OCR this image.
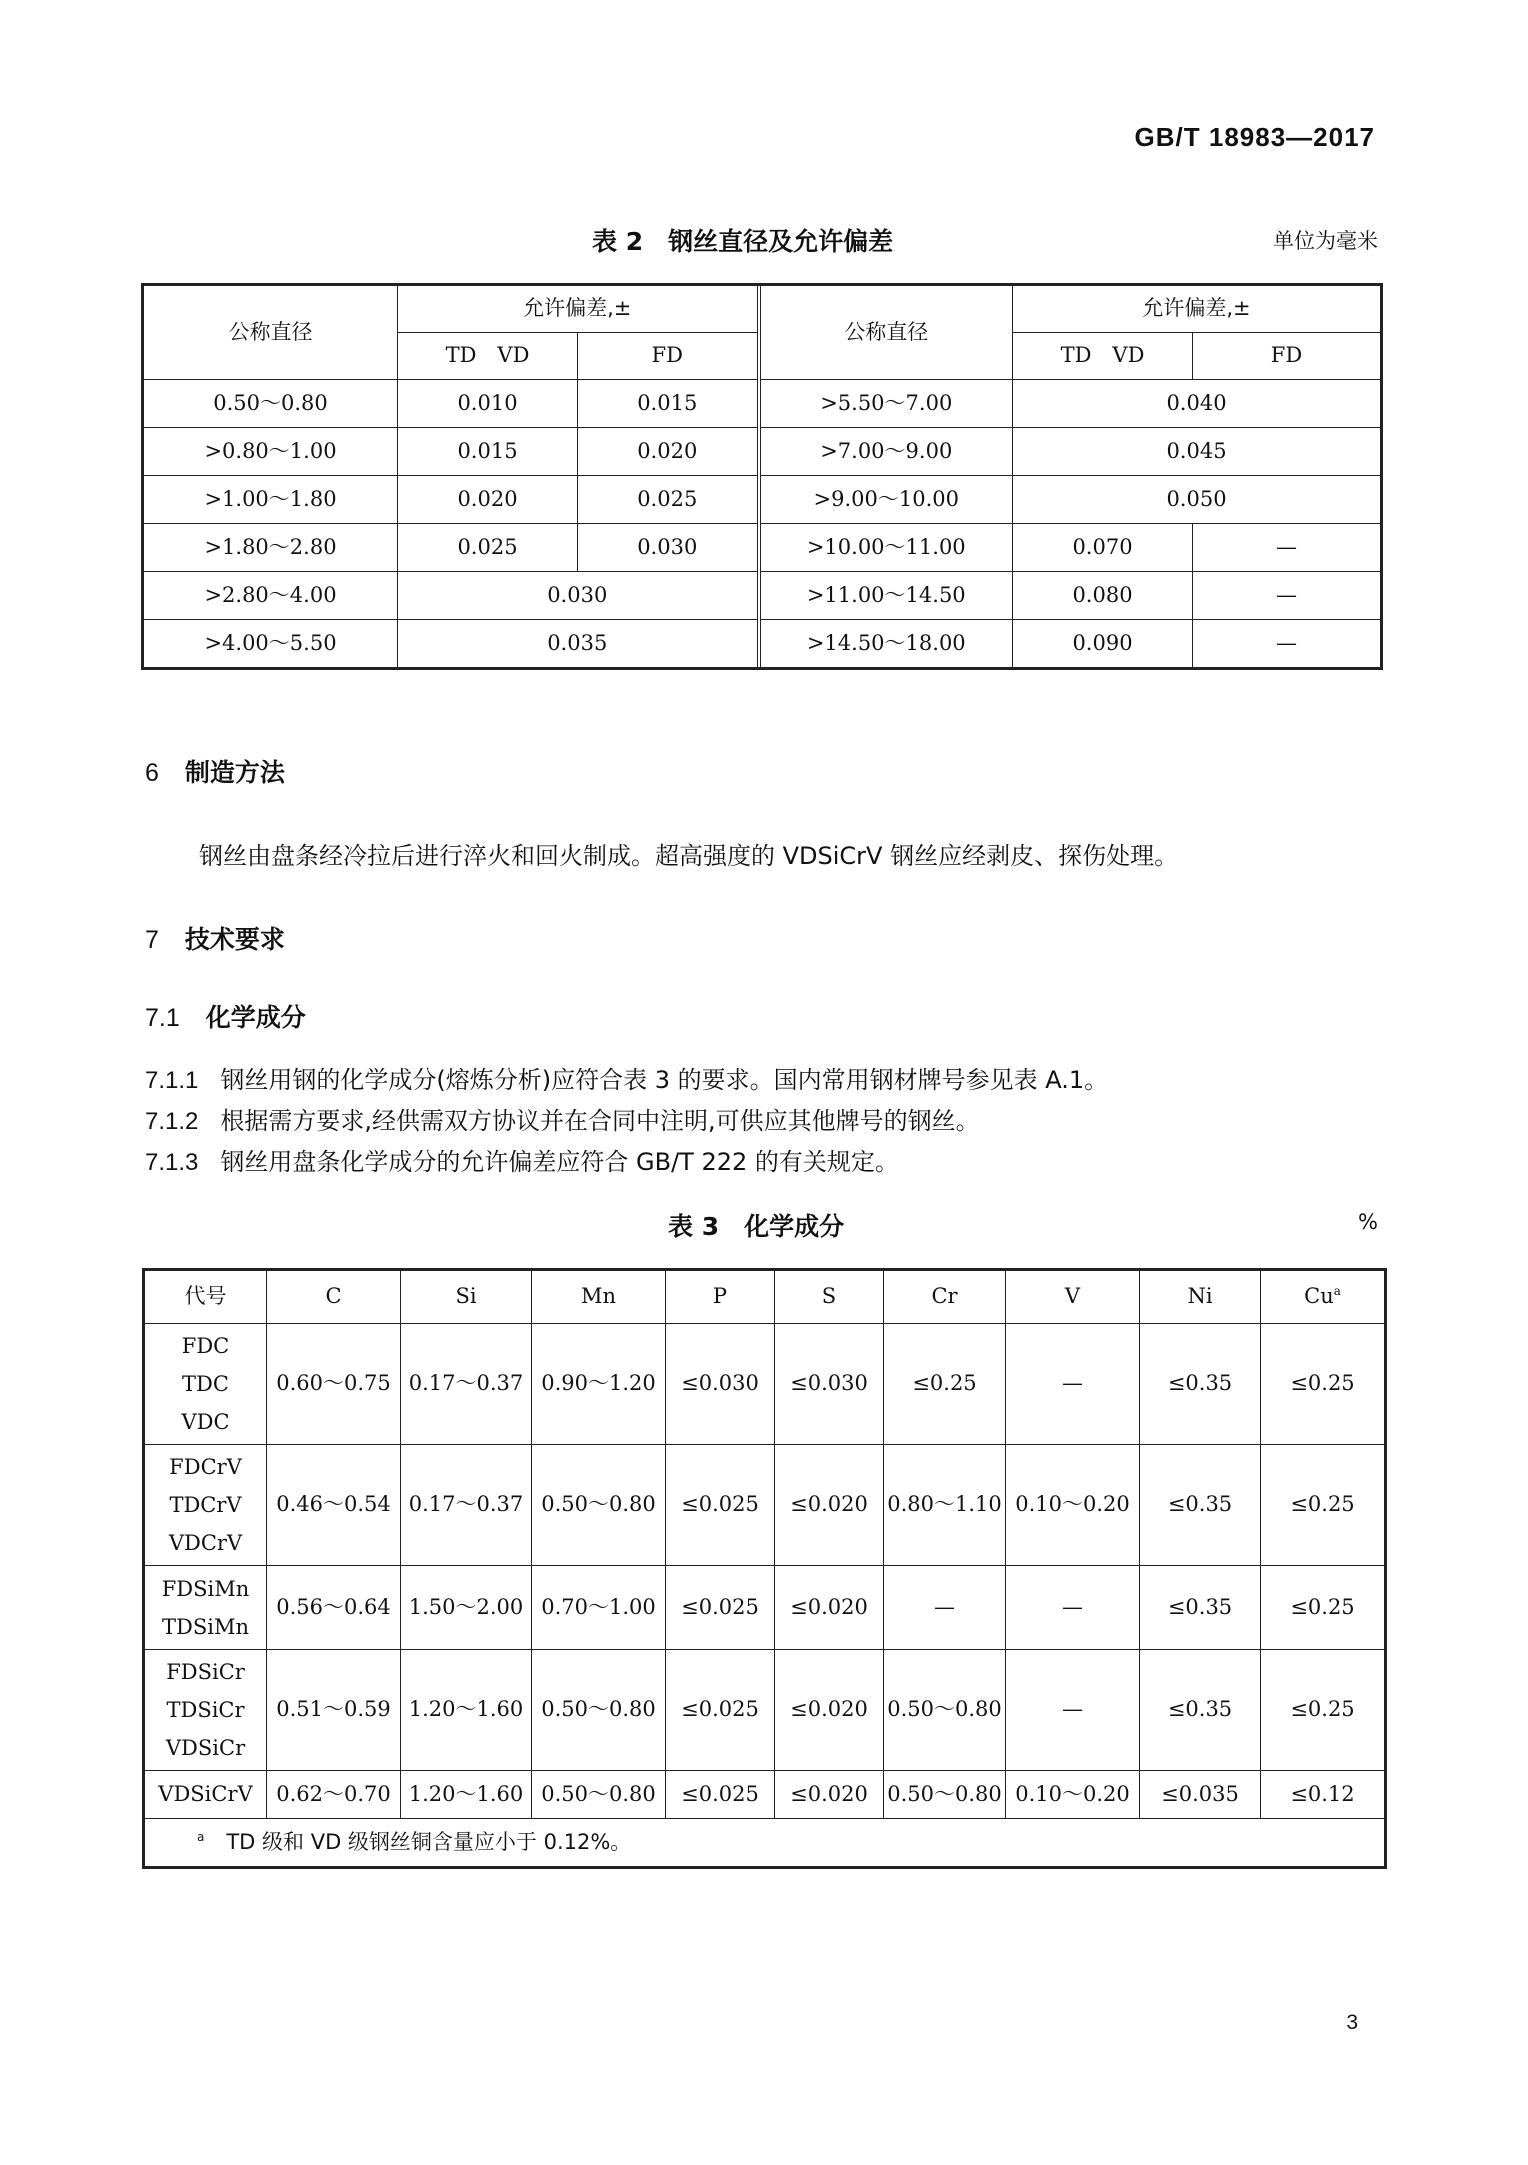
GB/T 18983—2017
表 2　钢丝直径及允许偏差	单位为毫米
公称直径	允许偏差,±		公称直径	允许偏差,±	
	TD　VD	FD		TD　VD	FD
0.50～0.80	0.010	0.015	>5.50～7.00	0.040	
>0.80～1.00	0.015	0.020	>7.00～9.00	0.045	
>1.00～1.80	0.020	0.025	>9.00～10.00	0.050	
>1.80～2.80	0.025	0.030	>10.00～11.00	0.070	—
>2.80～4.00	0.030		>11.00～14.50	0.080	—
>4.00～5.50	0.035		>14.50～18.00	0.090	—
6 制造方法
钢丝由盘条经冷拉后进行淬火和回火制成。超高强度的 VDSiCrV 钢丝应经剥皮、探伤处理。
7 技术要求
7.1 化学成分
7.1.1 钢丝用钢的化学成分(熔炼分析)应符合表 3 的要求。国内常用钢材牌号参见表 A.1。
7.1.2 根据需方要求,经供需双方协议并在合同中注明,可供应其他牌号的钢丝。
7.1.3 钢丝用盘条化学成分的允许偏差应符合 GB/T 222 的有关规定。
表 3　化学成分	%
代号	C	Si	Mn	P	S	Cr	V	Ni	Cu$^a$

FDC
TDC
VDC	0.60～0.75	0.17～0.37	0.90～1.20	≤0.030	≤0.030	≤0.25	—	≤0.35	≤0.25

FDCrV
TDCrV
VDCrV	0.46～0.54	0.17～0.37	0.50～0.80	≤0.025	≤0.020	0.80～1.10	0.10～0.20	≤0.35	≤0.25

FDSiMn
TDSiMn	0.56～0.64	1.50～2.00	0.70～1.00	≤0.025	≤0.020	—	—	≤0.35	≤0.25

FDSiCr
TDSiCr
VDSiCr	0.51～0.59	1.20～1.60	0.50～0.80	≤0.025	≤0.020	0.50～0.80	—	≤0.35	≤0.25
VDSiCrV	0.62～0.70	1.20～1.60	0.50～0.80	≤0.025	≤0.020	0.50～0.80	0.10～0.20	≤0.035	≤0.12
$^a$ TD 级和 VD 级钢丝铜含量应小于 0.12%。									
3
